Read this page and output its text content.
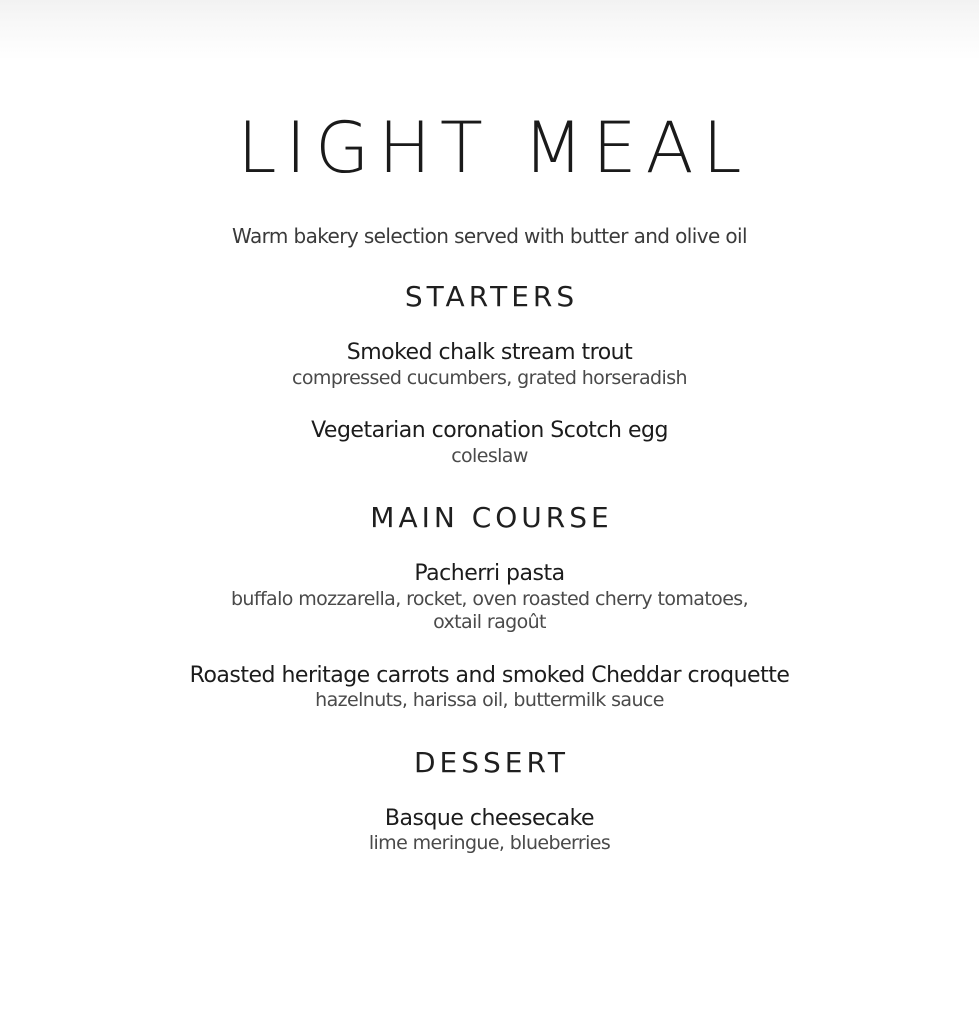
LIGHT MEAL
Warm bakery selection served with butter and olive oil
STARTERS
Smoked chalk stream trout
compressed cucumbers, grated horseradish
Vegetarian coronation Scotch egg
coleslaw
MAIN COURSE
Pacherri pasta
buffalo mozzarella, rocket, oven roasted cherry tomatoes,
oxtail ragoût
Roasted heritage carrots and smoked Cheddar croquette
hazelnuts, harissa oil, buttermilk sauce
DESSERT
Basque cheesecake
lime meringue, blueberries
